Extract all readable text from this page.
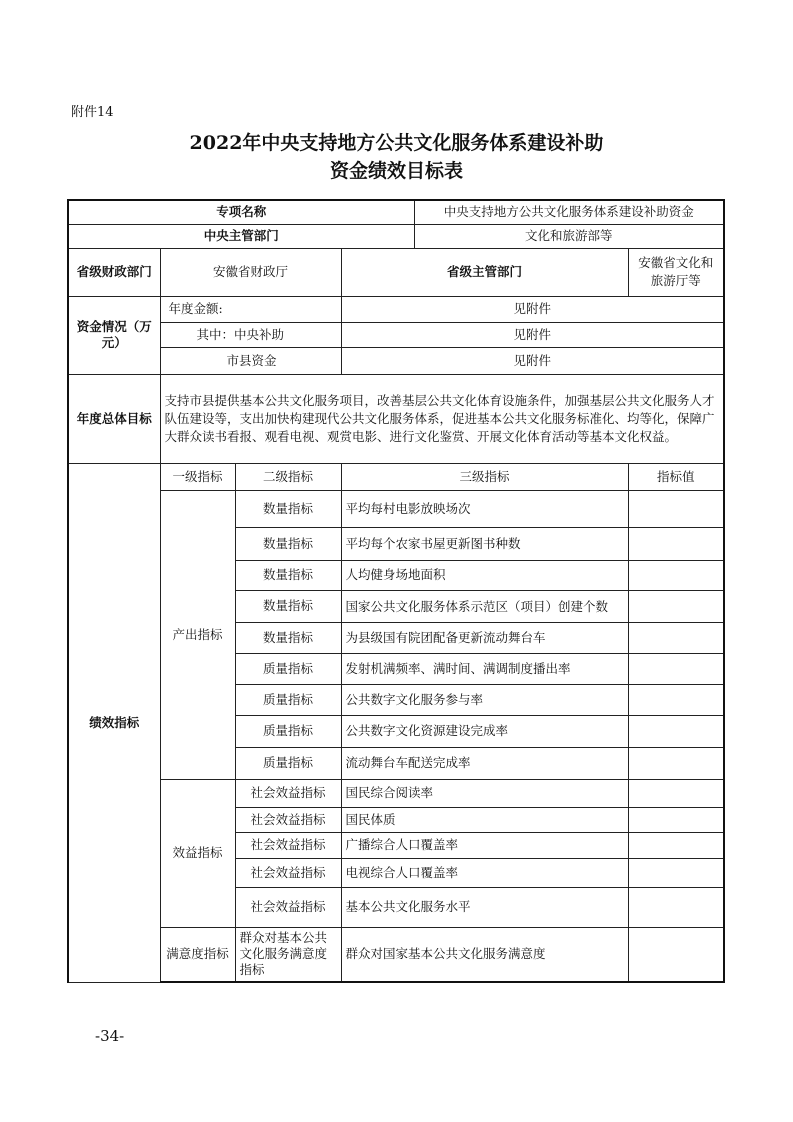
附件14
2022年中央支持地方公共文化服务体系建设补助
资金绩效目标表
专项名称				中央支持地方公共文化服务体系建设补助资金	
中央主管部门				文化和旅游部等	
省级财政部门	安徽省财政厅		省级主管部门		安徽省文化和旅游厅等
资金情况（万元）	年度金额:		见附件		
	其中：中央补助		见附件		
	市县资金		见附件		
年度总体目标	支持市县提供基本公共文化服务项目，改善基层公共文化体育设施条件，加强基层公共文化服务人才队伍建设等，支出加快构建现代公共文化服务体系，促进基本公共文化服务标准化、均等化，保障广大群众读书看报、观看电视、观赏电影、进行文化鉴赏、开展文化体育活动等基本文化权益。				
绩效指标	一级指标	二级指标	三级指标		指标值
	产出指标	数量指标	平均每村电影放映场次		
		数量指标	平均每个农家书屋更新图书种数		
		数量指标	人均健身场地面积		
		数量指标	国家公共文化服务体系示范区（项目）创建个数		
		数量指标	为县级国有院团配备更新流动舞台车		
		质量指标	发射机满频率、满时间、满调制度播出率		
		质量指标	公共数字文化服务参与率		
		质量指标	公共数字文化资源建设完成率		
		质量指标	流动舞台车配送完成率		
	效益指标	社会效益指标	国民综合阅读率		
		社会效益指标	国民体质		
		社会效益指标	广播综合人口覆盖率		
		社会效益指标	电视综合人口覆盖率		
		社会效益指标	基本公共文化服务水平		
	满意度指标	群众对基本公共文化服务满意度指标	群众对国家基本公共文化服务满意度		
-34-
